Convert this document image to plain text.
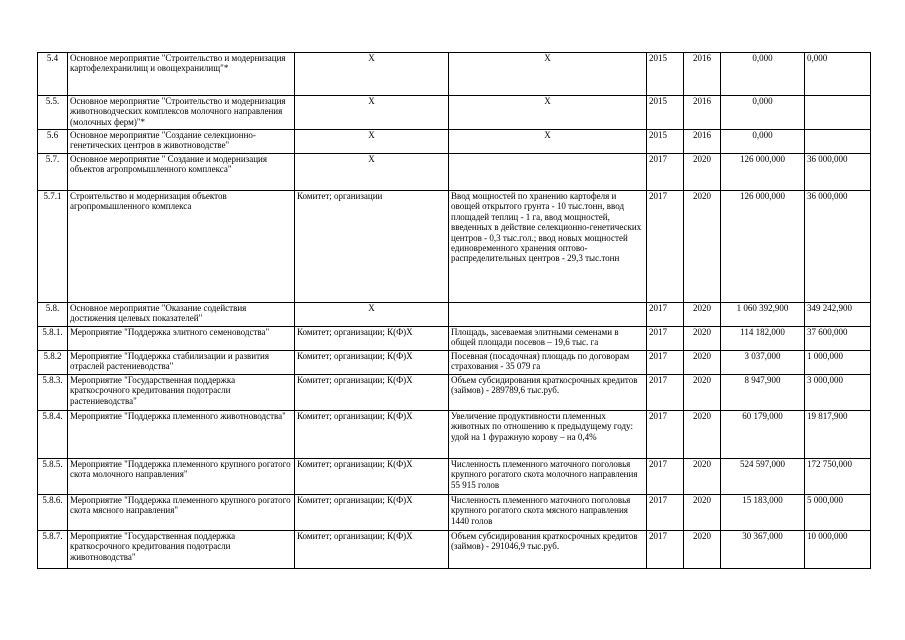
5.4	Основное мероприятие "Строительство и модернизация картофелехранилищ и овощехранилищ"*	Х	Х	2015	2016	0,000	0,000
5.5.	Основное мероприятие "Строительство и модернизация животноводческих комплексов молочного направления (молочных ферм)"*	Х	Х	2015	2016	0,000	
5.6	Основное мероприятие "Создание селекционно-генетических центров в животноводстве"	Х	Х	2015	2016	0,000	
5.7.	Основное мероприятие " Создание и модернизация объектов агропромышленного комплекса"	Х		2017	2020	126 000,000	36 000,000
5.7.1	Строительство и модернизация объектов агропромышленного комплекса	Комитет; организации	Ввод мощностей по хранению картофеля и овощей открытого грунта - 10 тыс.тонн, ввод площадей теплиц - 1 га, ввод мощностей, введенных в действие селекционно-генетических центров - 0,3 тыс.гол.; ввод новых мощностей единовременного хранения оптово-распределительных центров - 29,3 тыс.тонн	2017	2020	126 000,000	36 000,000
5.8.	Основное мероприятие "Оказание содействия достижения целевых показателей"	Х		2017	2020	1 060 392,900	349 242,900
5.8.1.	Мероприятие "Поддержка элитного семеноводства"	Комитет; организации; К(Ф)Х	Площадь, засеваемая элитными семенами в общей площади посевов – 19,6 тыс. га	2017	2020	114 182,000	37 600,000
5.8.2	Мероприятие "Поддержка стабилизации и развития отраслей растениеводства"	Комитет; организации; К(Ф)Х	Посевная (посадочная) площадь по договорам страхования - 35 079 га	2017	2020	3 037,000	1 000,000
5.8.3.	Мероприятие "Государственная поддержка краткосрочного кредитования подотрасли растениеводства"	Комитет; организации; К(Ф)Х	Объем субсидирования краткосрочных кредитов (займов) - 289789,6 тыс.руб.	2017	2020	8 947,900	3 000,000
5.8.4.	Мероприятие "Поддержка племенного животноводства"	Комитет; организации; К(Ф)Х	Увеличение продуктивности племенных животных по отношению к предыдущему году: удой на 1 фуражную корову – на 0,4%	2017	2020	60 179,000	19 817,900
5.8.5.	Мероприятие "Поддержка племенного крупного рогатого скота молочного направления"	Комитет; организации; К(Ф)Х	Численность племенного маточного поголовья крупного рогатого скота молочного направления 55 915 голов	2017	2020	524 597,000	172 750,000
5.8.6.	Мероприятие "Поддержка племенного крупного рогатого скота мясного направления"	Комитет; организации; К(Ф)Х	Численность племенного маточного поголовья крупного рогатого скота мясного направления 1440 голов	2017	2020	15 183,000	5 000,000
5.8.7.	Мероприятие "Государственная поддержка краткосрочного кредитования подотрасли животноводства"	Комитет; организации; К(Ф)Х	Объем субсидирования краткосрочных кредитов (займов) - 291046,9 тыс.руб.	2017	2020	30 367,000	10 000,000
